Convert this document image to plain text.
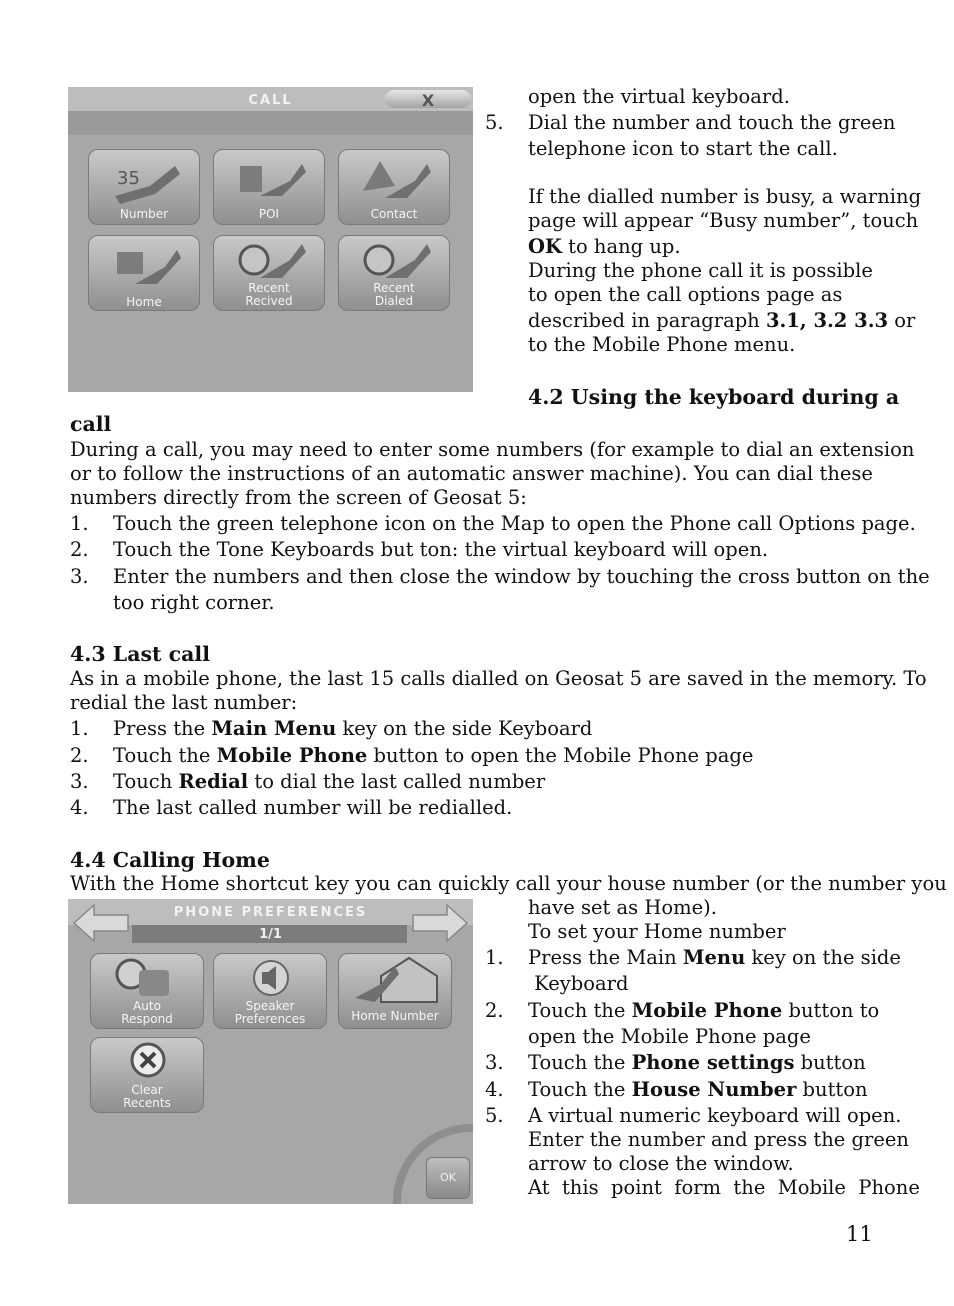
CALL	X
35
Number	POI	Contact
Home
Recent Recived
Recent Dialed
open the virtual keyboard.
5. Dial the number and touch the green
telephone icon to start the call.
If the dialled number is busy, a warning
page will appear “Busy number”, touch
OK to hang up.
During the phone call it is possible
to open the call options page as
described in paragraph 3.1, 3.2 3.3 or
to the Mobile Phone menu.
4.2 Using the keyboard during a
call
During a call, you may need to enter some numbers (for example to dial an extension
or to follow the instructions of an automatic answer machine). You can dial these
numbers directly from the screen of Geosat 5:
1. Touch the green telephone icon on the Map to open the Phone call Options page.
2. Touch the Tone Keyboards but ton: the virtual keyboard will open.
3. Enter the numbers and then close the window by touching the cross button on the
too right corner.
4.3 Last call
As in a mobile phone, the last 15 calls dialled on Geosat 5 are saved in the memory. To
redial the last number:
1. Press the Main Menu key on the side Keyboard
2. Touch the Mobile Phone button to open the Mobile Phone page
3. Touch Redial to dial the last called number
4. The last called number will be redialled.
4.4 Calling Home
With the Home shortcut key you can quickly call your house number (or the number you
have set as Home).
To set your Home number
1. Press the Main Menu key on the side
Keyboard
2. Touch the Mobile Phone button to
open the Mobile Phone page
3. Touch the Phone settings button
4. Touch the House Number button
5. A virtual numeric keyboard will open.
Enter the number and press the green
arrow to close the window.
At  this  point  form  the  Mobile  Phone
PHONE PREFERENCES
1/1
Auto Respond
Speaker Preferences	Home Number
Clear Recents
OK
11
